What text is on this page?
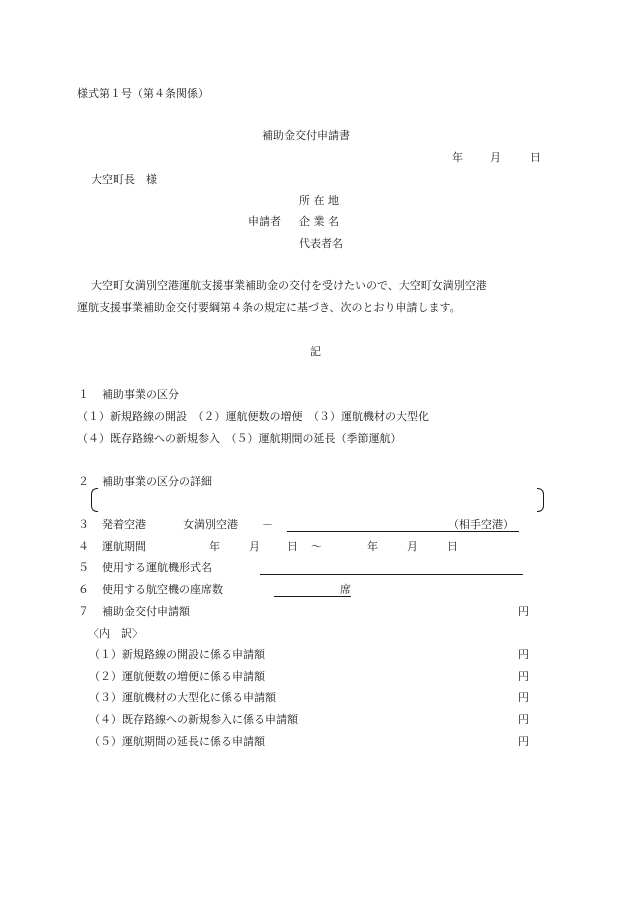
様式第１号（第４条関係）
補助金交付申請書
年 月	日
大空町長　様
所 在 地
申請者 企 業 名
代表者名
大空町女満別空港運航支援事業補助金の交付を受けたいので、大空町女満別空港
運航支援事業補助金交付要綱第４条の規定に基づき、次のとおり申請します。
記
１ 補助事業の区分
（１）新規路線の開設　（２）運航便数の増便　（３）運航機材の大型化
（４）既存路線への新規参入　（５）運航期間の延長（季節運航）
２ 補助事業の区分の詳細
３ 発着空港	女満別空港 －	（相手空港）
４ 運航期間	年	月 日 ～	年	月	日
５ 使用する運航機形式名
６ 使用する航空機の座席数	席
７ 補助金交付申請額	円
〈内　訳〉
（１）新規路線の開設に係る申請額	円
（２）運航便数の増便に係る申請額	円
（３）運航機材の大型化に係る申請額	円
（４）既存路線への新規参入に係る申請額	円
（５）運航期間の延長に係る申請額	円
